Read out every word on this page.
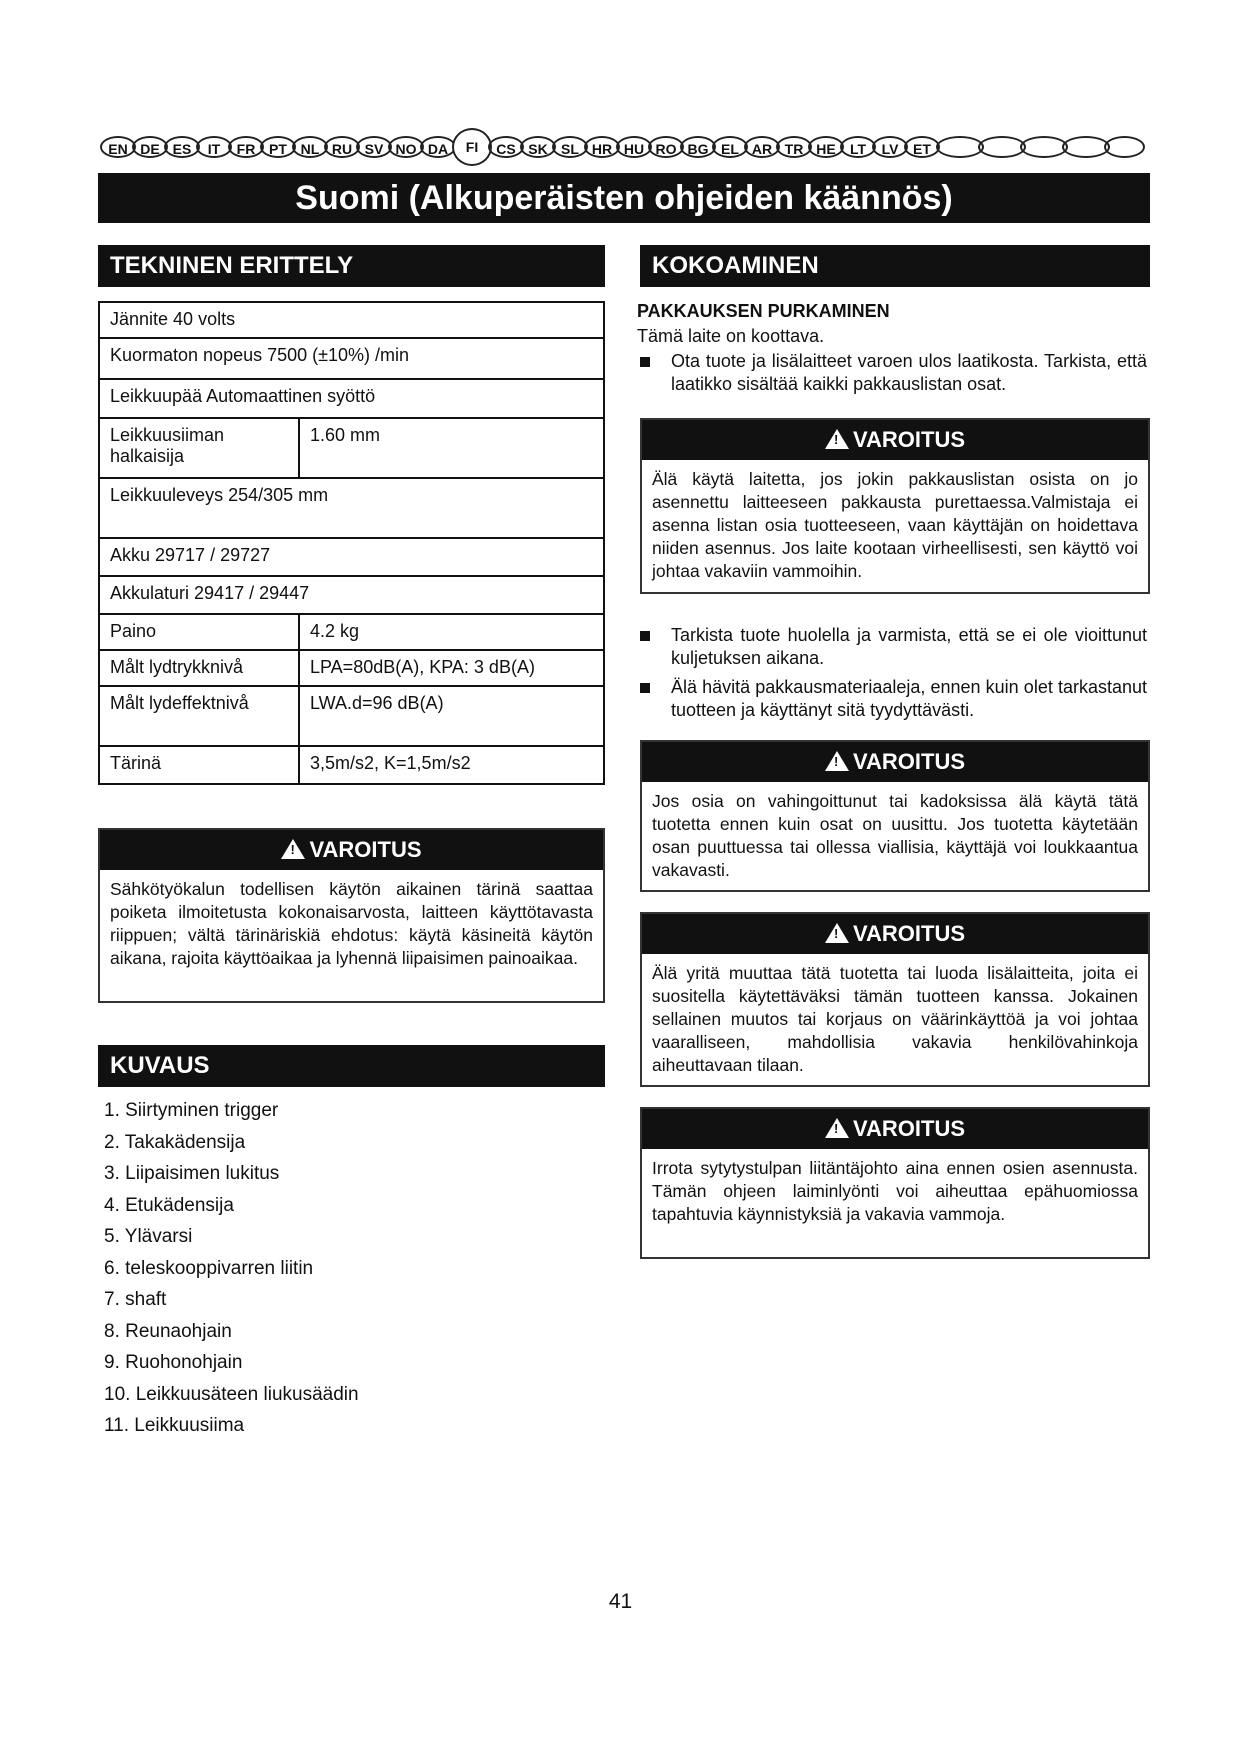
EN DE ES	IT	FR PT NL RU SV NO DA	FI	CS SK SL HR HU RO BG EL AR TR HE	LT	LV	ET
Suomi (Alkuperäisten ohjeiden käännös)
TEKNINEN ERITTELY
Jännite 40 volts	
Kuormaton nopeus 7500 (±10%) /min	
Leikkuupää Automaattinen syöttö	
Leikkuusiiman halkaisija	1.60 mm
Leikkuuleveys 254/305 mm	
Akku 29717 / 29727	
Akkulaturi 29417 / 29447	
Paino	4.2 kg
Målt lydtrykknivå	LPA=80dB(A), KPA: 3 dB(A)
Målt lydeffektnivå	LWA.d=96 dB(A)
Tärinä	3,5m/s2, K=1,5m/s2
!VAROITUS
Sähkötyökalun todellisen käytön aikainen tärinä saattaa poiketa ilmoitetusta kokonaisarvosta, laitteen käyttötavasta riippuen; vältä tärinäriskiä ehdotus: käytä käsineitä käytön aikana, rajoita käyttöaikaa ja lyhennä liipaisimen painoaikaa.
KUVAUS
1. Siirtyminen trigger
2. Takakädensija
3. Liipaisimen lukitus
4. Etukädensija
5. Ylävarsi
6. teleskooppivarren liitin
7. shaft
8. Reunaohjain
9. Ruohonohjain
10. Leikkuusäteen liukusäädin
11. Leikkuusiima
KOKOAMINEN
PAKKAUKSEN PURKAMINEN
Tämä laite on koottava.
Ota tuote ja lisälaitteet varoen ulos laatikosta. Tarkista, että laatikko sisältää kaikki pakkauslistan osat.
!VAROITUS
Älä käytä laitetta, jos jokin pakkauslistan osista on jo asennettu laitteeseen pakkausta purettaessa.Valmistaja ei asenna listan osia tuotteeseen, vaan käyttäjän on hoidettava niiden asennus. Jos laite kootaan virheellisesti, sen käyttö voi johtaa vakaviin vammoihin.
Tarkista tuote huolella ja varmista, että se ei ole vioittunut kuljetuksen aikana.
Älä hävitä pakkausmateriaaleja, ennen kuin olet tarkastanut tuotteen ja käyttänyt sitä tyydyttävästi.
!VAROITUS
Jos osia on vahingoittunut tai kadoksissa älä käytä tätä tuotetta ennen kuin osat on uusittu. Jos tuotetta käytetään osan puuttuessa tai ollessa viallisia, käyttäjä voi loukkaantua vakavasti.
!VAROITUS
Älä yritä muuttaa tätä tuotetta tai luoda lisälaitteita, joita ei suositella käytettäväksi tämän tuotteen kanssa. Jokainen sellainen muutos tai korjaus on väärinkäyttöä ja voi johtaa vaaralliseen, mahdollisia vakavia henkilövahinkoja aiheuttavaan tilaan.
!VAROITUS
Irrota sytytystulpan liitäntäjohto aina ennen osien asennusta. Tämän ohjeen laiminlyönti voi aiheuttaa epähuomiossa tapahtuvia käynnistyksiä ja vakavia vammoja.
41
